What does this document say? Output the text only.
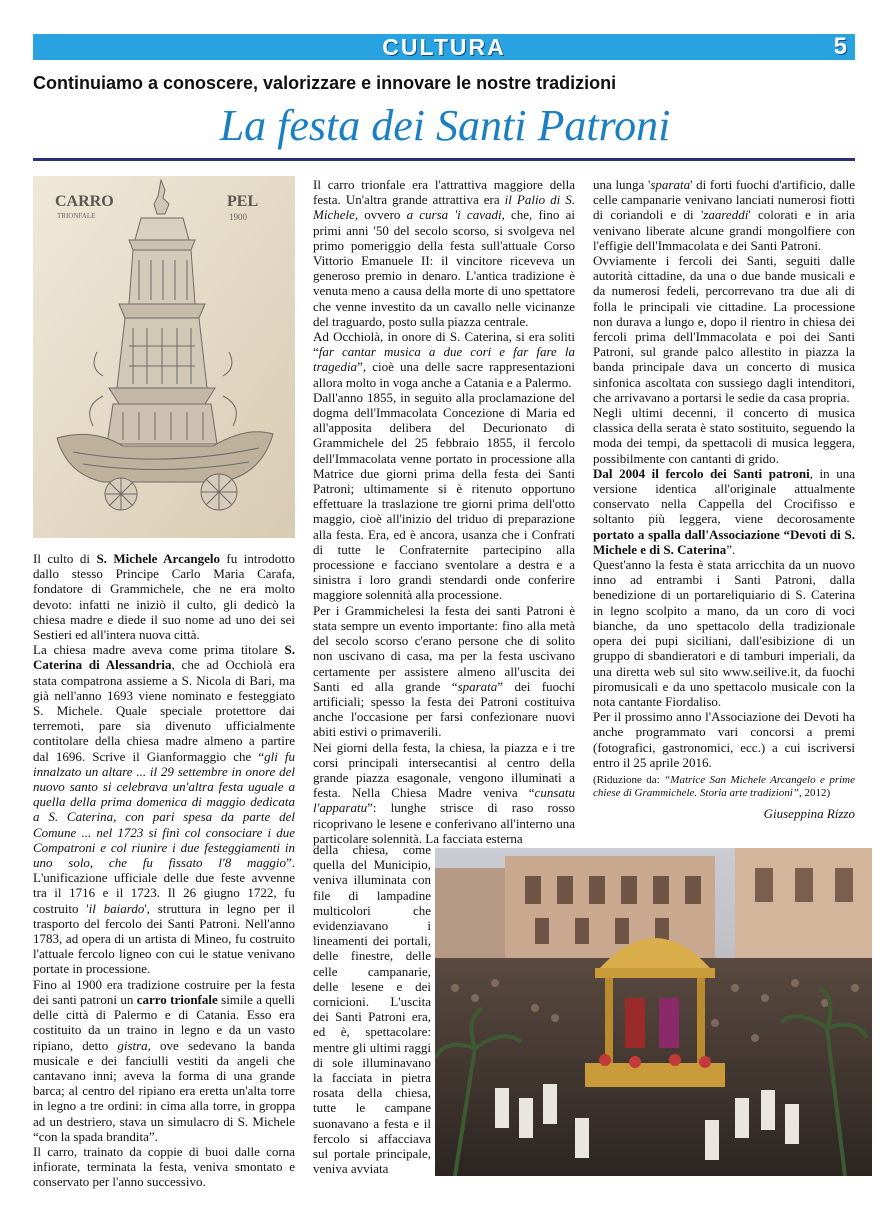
CULTURA	5
Continuiamo a conoscere, valorizzare e innovare le nostre tradizioni
La festa dei Santi Patroni
CARRO
TRIONFALE
PEL
1900

Il culto di S. Michele Arcangelo fu introdotto dallo stesso Principe Carlo Maria Carafa, fondatore di Grammichele, che ne era molto devoto: infatti ne iniziò il culto, gli dedicò la chiesa madre e diede il suo nome ad uno dei sei Sestieri ed all'intera nuova città.

La chiesa madre aveva come prima titolare S. Caterina di Alessandria, che ad Occhiolà era stata compatrona assieme a S. Nicola di Bari, ma già nell'anno 1693 viene nominato e festeggiato S. Michele. Quale speciale protettore dai terremoti, pare sia divenuto ufficialmente contitolare della chiesa madre almeno a partire dal 1696. Scrive il Gianformaggio che “gli fu innalzato un altare ... il 29 settembre in onore del nuovo santo si celebrava un'altra festa uguale a quella della prima domenica di maggio dedicata a S. Caterina, con pari spesa da parte del Comune ... nel 1723 si finì col consociare i due Compatroni e col riunire i due festeggiamenti in uno solo, che fu fissato l'8 maggio”. L'unificazione ufficiale delle due feste avvenne tra il 1716 e il 1723. Il 26 giugno 1722, fu costruito 'il baiardo', struttura in legno per il trasporto del fercolo dei Santi Patroni. Nell'anno 1783, ad opera di un artista di Mineo, fu costruito l'attuale fercolo ligneo con cui le statue venivano portate in processione.

Fino al 1900 era tradizione costruire per la festa dei santi patroni un carro trionfale simile a quelli delle città di Palermo e di Catania. Esso era costituito da un traino in legno e da un vasto ripiano, detto gistra, ove sedevano la banda musicale e dei fanciulli vestiti da angeli che cantavano inni; aveva la forma di una grande barca; al centro del ripiano era eretta un'alta torre in legno a tre ordini: in cima alla torre, in groppa ad un destriero, stava un simulacro di S. Michele “con la spada brandita”.

Il carro, trainato da coppie di buoi dalle corna infiorate, terminata la festa, veniva smontato e conservato per l'anno successivo.

Il carro trionfale era l'attrattiva maggiore della festa. Un'altra grande attrattiva era il Palio di S. Michele, ovvero a cursa 'i cavadi, che, fino ai primi anni '50 del secolo scorso, si svolgeva nel primo pomeriggio della festa sull'attuale Corso Vittorio Emanuele II: il vincitore riceveva un generoso premio in denaro. L'antica tradizione è venuta meno a causa della morte di uno spettatore che venne investito da un cavallo nelle vicinanze del traguardo, posto sulla piazza centrale.

Ad Occhiolà, in onore di S. Caterina, si era soliti “far cantar musica a due cori e far fare la tragedia”, cioè una delle sacre rappresentazioni allora molto in voga anche a Catania e a Palermo.

Dall'anno 1855, in seguito alla proclamazione del dogma dell'Immacolata Concezione di Maria ed all'apposita delibera del Decurionato di Grammichele del 25 febbraio 1855, il fercolo dell'Immacolata venne portato in processione alla Matrice due giorni prima della festa dei Santi Patroni; ultimamente si è ritenuto opportuno effettuare la traslazione tre giorni prima dell'otto maggio, cioè all'inizio del triduo di preparazione alla festa. Era, ed è ancora, usanza che i Confrati di tutte le Confraternite partecipino alla processione e facciano sventolare a destra e a sinistra i loro grandi stendardi onde conferire maggiore solennità alla processione.

Per i Grammichelesi la festa dei santi Patroni è stata sempre un evento importante: fino alla metà del secolo scorso c'erano persone che di solito non uscivano di casa, ma per la festa uscivano certamente per assistere almeno all'uscita dei Santi ed alla grande “sparata” dei fuochi artificiali; spesso la festa dei Patroni costituiva anche l'occasione per farsi confezionare nuovi abiti estivi o primaverili.

Nei giorni della festa, la chiesa, la piazza e i tre corsi principali intersecantisi al centro della grande piazza esagonale, vengono illuminati a festa. Nella Chiesa Madre veniva “cunsatu l'apparatu”: lunghe strisce di raso rosso ricoprivano le lesene e conferivano all'interno una particolare solennità. La facciata esterna

della chiesa, come quella del Municipio, veniva illuminata con file di lampadine multicolori che evidenziavano i lineamenti dei portali, delle finestre, delle celle campanarie, delle lesene e dei cornicioni. L'uscita dei Santi Patroni era, ed è, spettacolare: mentre gli ultimi raggi di sole illuminavano la facciata in pietra rosata della chiesa, tutte le campane suonavano a festa e il fercolo si affacciava sul portale principale, veniva avviata

una lunga 'sparata' di forti fuochi d'artificio, dalle celle campanarie venivano lanciati numerosi fiotti di coriandoli e di 'zaareddi' colorati e in aria venivano liberate alcune grandi mongolfiere con l'effigie dell'Immacolata e dei Santi Patroni.

Ovviamente i fercoli dei Santi, seguiti dalle autorità cittadine, da una o due bande musicali e da numerosi fedeli, percorrevano tra due ali di folla le principali vie cittadine. La processione non durava a lungo e, dopo il rientro in chiesa dei fercoli prima dell'Immacolata e poi dei Santi Patroni, sul grande palco allestito in piazza la banda principale dava un concerto di musica sinfonica ascoltata con sussiego dagli intenditori, che arrivavano a portarsi le sedie da casa propria.

Negli ultimi decenni, il concerto di musica classica della serata è stato sostituito, seguendo la moda dei tempi, da spettacoli di musica leggera, possibilmente con cantanti di grido.

Dal 2004 il fercolo dei Santi patroni, in una versione identica all'originale attualmente conservato nella Cappella del Crocifisso e soltanto più leggera, viene decorosamente portato a spalla dall'Associazione “Devoti di S. Michele e di S. Caterina”.

Quest'anno la festa è stata arricchita da un nuovo inno ad entrambi i Santi Patroni, dalla benedizione di un portareliquiario di S. Caterina in legno scolpito a mano, da un coro di voci bianche, da uno spettacolo della tradizionale opera dei pupi siciliani, dall'esibizione di un gruppo di sbandieratori e di tamburi imperiali, da una diretta web sul sito www.seilive.it, da fuochi piromusicali e da uno spettacolo musicale con la nota cantante Fiordaliso.

Per il prossimo anno l'Associazione dei Devoti ha anche programmato vari concorsi a premi (fotografici, gastronomici, ecc.) a cui iscriversi entro il 25 aprile 2016.

(Riduzione da: “Matrice San Michele Arcangelo e prime chiese di Grammichele. Storia arte tradizioni”, 2012)

Giuseppina Rizzo
